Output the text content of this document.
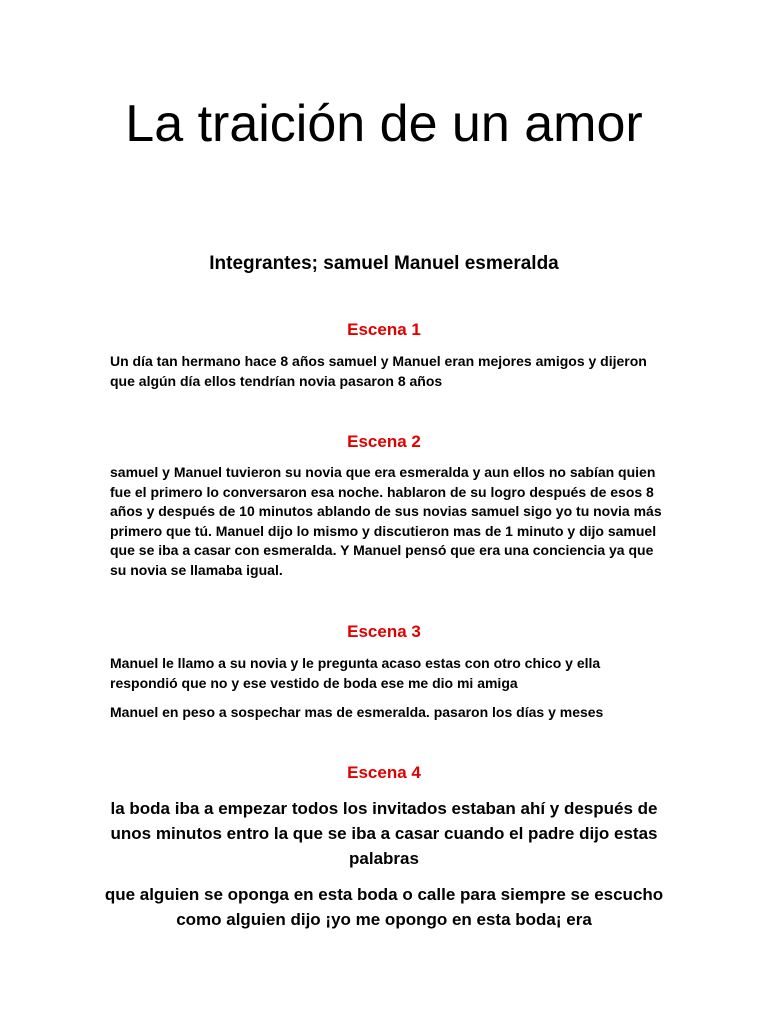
La traición de un amor
Integrantes; samuel Manuel esmeralda
Escena 1

Un día tan hermano hace 8 años samuel y Manuel eran mejores amigos y dijeron que algún día ellos tendrían novia pasaron 8 años

Escena 2

samuel y Manuel tuvieron su novia que era esmeralda y aun ellos no sabían quien fue el primero lo conversaron esa noche. hablaron de su logro después de esos 8 años y después de 10 minutos ablando de sus novias samuel sigo yo tu novia más primero que tú. Manuel dijo lo mismo y discutieron mas de 1 minuto y dijo samuel que se iba a casar con esmeralda. Y Manuel pensó que era una conciencia ya que su novia se llamaba igual.

Escena 3

Manuel le llamo a su novia y le pregunta acaso estas con otro chico y ella respondió que no y ese vestido de boda ese me dio mi amiga

Manuel en peso a sospechar mas de esmeralda. pasaron los días y meses

Escena 4

la boda iba a empezar todos los invitados estaban ahí y después de unos minutos entro la que se iba a casar cuando el padre dijo estas palabras

que alguien se oponga en esta boda o calle para siempre se escucho como alguien dijo ¡yo me opongo en esta boda¡ era
